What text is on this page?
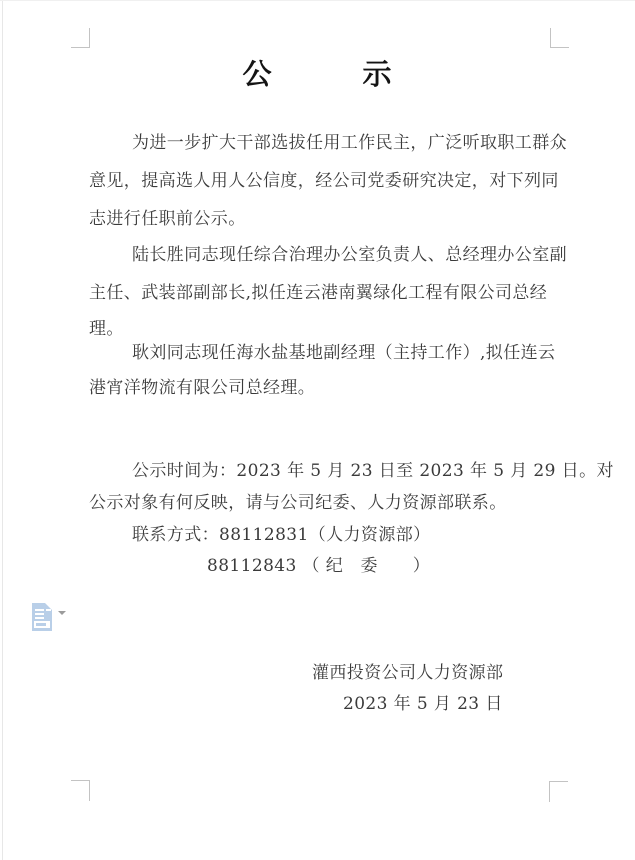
公　　　示
为进一步扩大干部选拔任用工作民主，广泛听取职工群众
意见，提高选人用人公信度，经公司党委研究决定，对下列同
志进行任职前公示。
陆长胜同志现任综合治理办公室负责人、总经理办公室副
主任、武装部副部长,拟任连云港南翼绿化工程有限公司总经
理。
耿刘同志现任海水盐基地副经理（主持工作）,拟任连云
港宵洋物流有限公司总经理。
公示时间为：2023 年 5 月 23 日至 2023 年 5 月 29 日。对
公示对象有何反映，请与公司纪委、人力资源部联系。
联系方式：88112831（人力资源部）
88112843 （ 纪　委　　）
灌西投资公司人力资源部
2023 年 5 月 23 日
